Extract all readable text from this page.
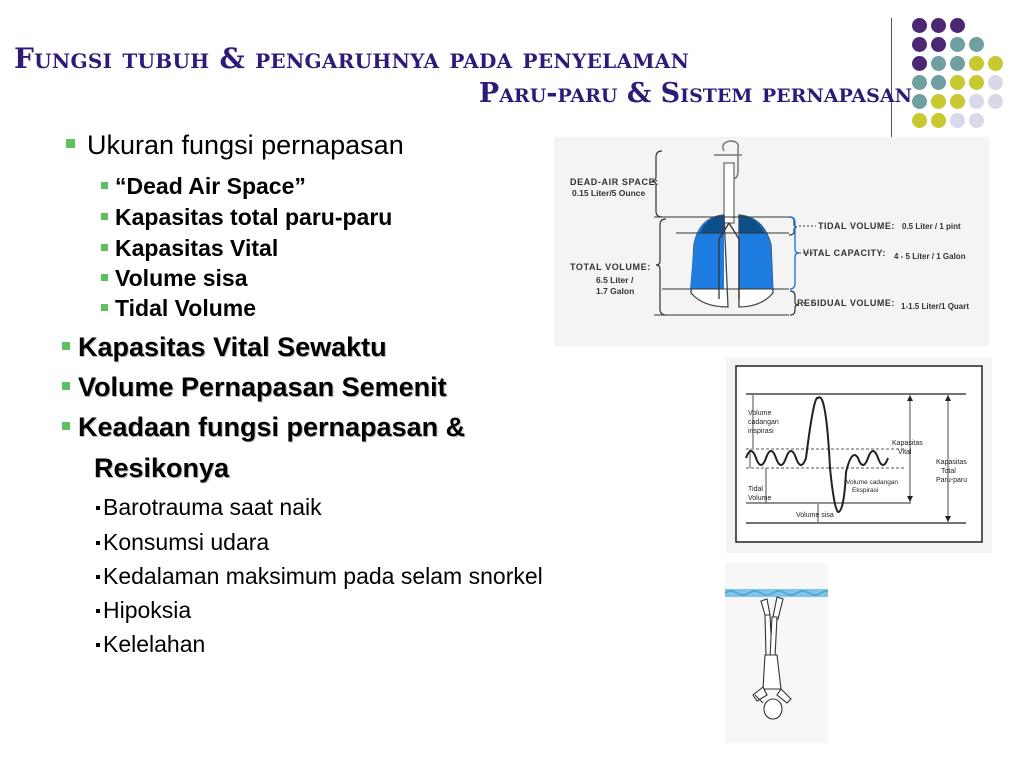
Fungsi tubuh & pengaruhnya pada penyelaman
Paru-paru & Sistem pernapasan
Ukuran fungsi pernapasan
“Dead Air Space”
Kapasitas total paru-paru
Kapasitas Vital
Volume sisa
Tidal Volume
Kapasitas Vital Sewaktu
Volume Pernapasan Semenit
Keadaan fungsi pernapasan &
Resikonya
Barotrauma saat naik
Konsumsi udara
Kedalaman maksimum pada selam snorkel
Hipoksia
Kelelahan
DEAD-AIR SPACE:
0.15 Liter/5 Ounce
TOTAL VOLUME:
6.5 Liter /
1.7 Galon
TIDAL VOLUME: 0.5 Liter / 1 pint
VITAL CAPACITY: 4 - 5 Liter / 1 Galon
RESIDUAL VOLUME: 1-1.5 Liter/1 Quart
Volume
cadangan
inspirasi
Tidal
Volume
Volume cadangan
Ekspirasi
Volume sisa
Kapasitas
Vital
Kapasitas
Total
Paru-paru
